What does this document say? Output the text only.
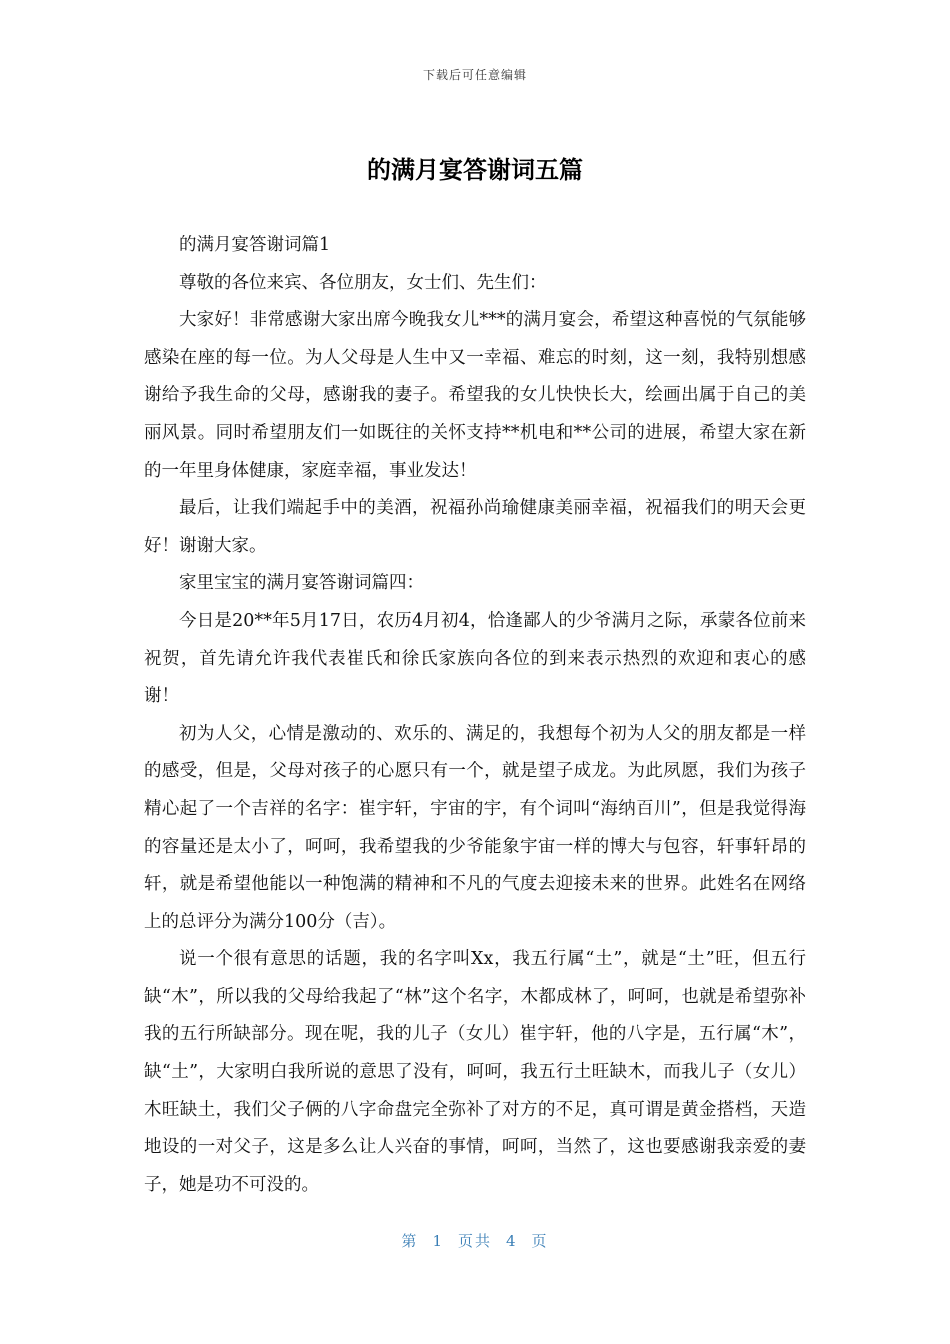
下载后可任意编辑
的满月宴答谢词五篇

的满月宴答谢词篇1

尊敬的各位来宾、各位朋友，女士们、先生们：

大家好！非常感谢大家出席今晚我女儿***的满月宴会，希望这种喜悦的气氛能够感染在座的每一位。为人父母是人生中又一幸福、难忘的时刻，这一刻，我特别想感谢给予我生命的父母，感谢我的妻子。希望我的女儿快快长大，绘画出属于自己的美丽风景。同时希望朋友们一如既往的关怀支持**机电和**公司的进展，希望大家在新的一年里身体健康，家庭幸福，事业发达！

最后，让我们端起手中的美酒，祝福孙尚瑜健康美丽幸福，祝福我们的明天会更好！谢谢大家。

家里宝宝的满月宴答谢词篇四：

今日是20**年5月17日，农历4月初4，恰逢鄙人的少爷满月之际，承蒙各位前来祝贺，首先请允许我代表崔氏和徐氏家族向各位的到来表示热烈的欢迎和衷心的感谢！

初为人父，心情是激动的、欢乐的、满足的，我想每个初为人父的朋友都是一样的感受，但是，父母对孩子的心愿只有一个，就是望子成龙。为此夙愿，我们为孩子精心起了一个吉祥的名字：崔宇轩，宇宙的宇，有个词叫“海纳百川”，但是我觉得海的容量还是太小了，呵呵，我希望我的少爷能象宇宙一样的博大与包容，轩事轩昂的轩，就是希望他能以一种饱满的精神和不凡的气度去迎接未来的世界。此姓名在网络上的总评分为满分100分（吉）。

说一个很有意思的话题，我的名字叫Xx，我五行属“土”，就是“土”旺，但五行缺“木”，所以我的父母给我起了“林”这个名字，木都成林了，呵呵，也就是希望弥补我的五行所缺部分。现在呢，我的儿子（女儿）崔宇轩，他的八字是，五行属“木”，缺“土”，大家明白我所说的意思了没有，呵呵，我五行土旺缺木，而我儿子（女儿）木旺缺土，我们父子俩的八字命盘完全弥补了对方的不足，真可谓是黄金搭档，天造地设的一对父子，这是多么让人兴奋的事情，呵呵，当然了，这也要感谢我亲爱的妻子，她是功不可没的。

第 1 页共 4 页
